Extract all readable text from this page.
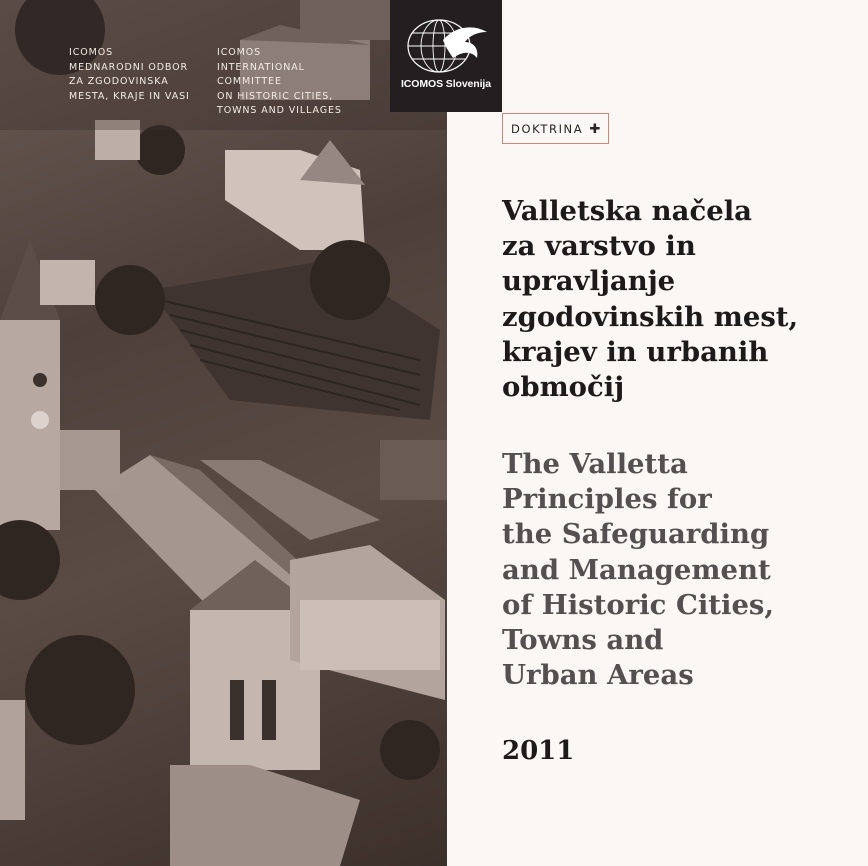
ICOMOS
MEDNARODNI ODBOR
ZA ZGODOVINSKA
MESTA, KRAJE IN VASI
ICOMOS
INTERNATIONAL
COMMITTEE
ON HISTORIC CITIES,
TOWNS AND VILLAGES
ICOMOS Slovenija
DOKTRINA ✚
Valletska načela
za varstvo in
upravljanje
zgodovinskih mest,
krajev in urbanih
območij
The Valletta
Principles for
the Safeguarding
and Management
of Historic Cities,
Towns and
Urban Areas
2011
